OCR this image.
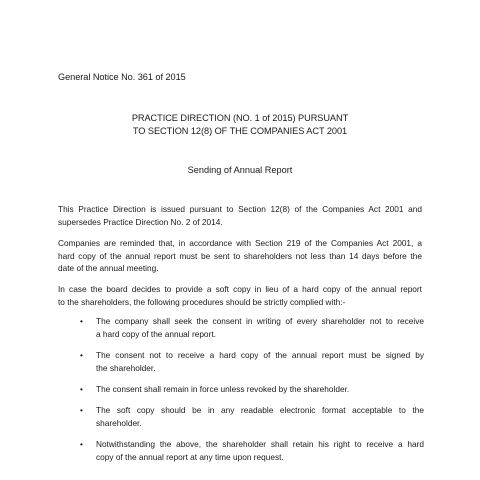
General Notice No. 361 of 2015
PRACTICE DIRECTION (NO. 1 of 2015) PURSUANT
TO SECTION 12(8) OF THE COMPANIES ACT 2001
Sending of Annual Report

This Practice Direction is issued pursuant to Section 12(8) of the Companies Act 2001 and
supersedes Practice Direction No. 2 of 2014.

Companies are reminded that, in accordance with Section 219 of the Companies Act 2001, a
hard copy of the annual report must be sent to shareholders not less than 14 days before the
date of the annual meeting.

In case the board decides to provide a soft copy in lieu of a hard copy of the annual report
to the shareholders, the following procedures should be strictly complied with:-

•	The company shall seek the consent in writing of every shareholder not to receive
a hard copy of the annual report.
•	The consent not to receive a hard copy of the annual report must be signed by
the shareholder.
•	The consent shall remain in force unless revoked by the shareholder.
•	The soft copy should be in any readable electronic format acceptable to the
shareholder.
•	Notwithstanding the above, the shareholder shall retain his right to receive a hard
copy of the annual report at any time upon request.
